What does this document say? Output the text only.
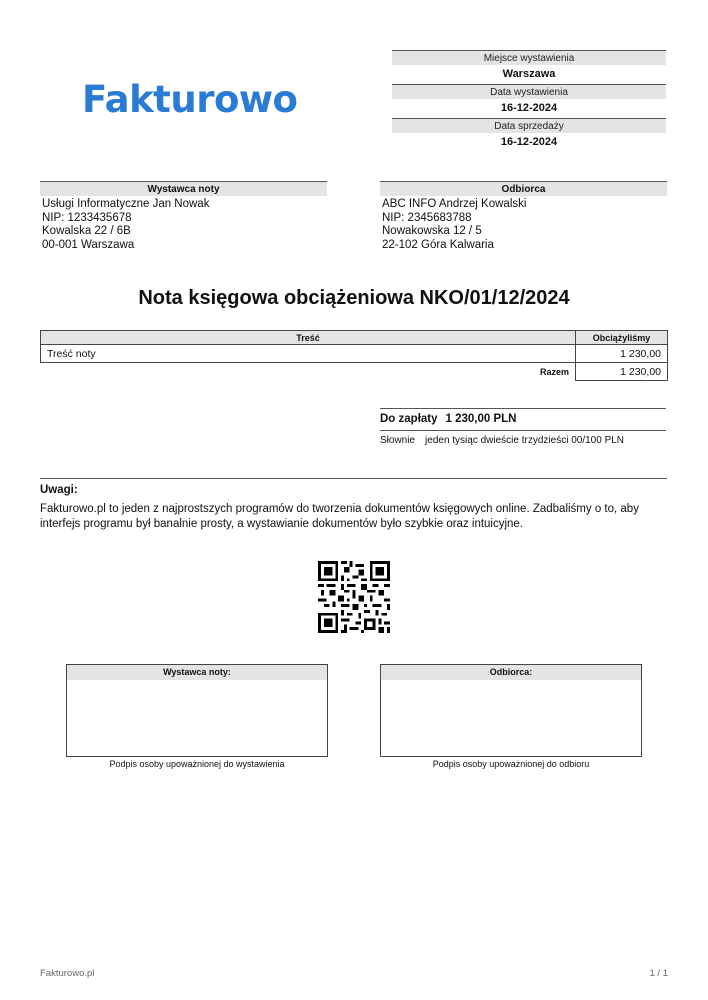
Fakturowo
Miejsce wystawienia
Warszawa
Data wystawienia
16-12-2024
Data sprzedaży
16-12-2024
Wystawca noty
Usługi Informatyczne Jan Nowak
NIP: 1233435678
Kowalska 22 / 6B
00-001 Warszawa
Odbiorca
ABC INFO Andrzej Kowalski
NIP: 2345683788
Nowakowska 12 / 5
22-102 Góra Kalwaria
Nota księgowa obciążeniowa NKO/01/12/2024
Treść	Obciążyliśmy
Treść noty	1 230,00
Razem	1 230,00
Do zapłaty 1 230,00 PLN
Słownie jeden tysiąc dwieście trzydzieści 00/100 PLN
Uwagi:
Fakturowo.pl to jeden z najprostszych programów do tworzenia dokumentów księgowych online. Zadbaliśmy o to, aby interfejs programu był banalnie prosty, a wystawianie dokumentów było szybkie oraz intuicyjne.
Wystawca noty:
Podpis osoby upoważnionej do wystawienia
Odbiorca:
Podpis osoby upoważnionej do odbioru
Fakturowo.pl	1 / 1
